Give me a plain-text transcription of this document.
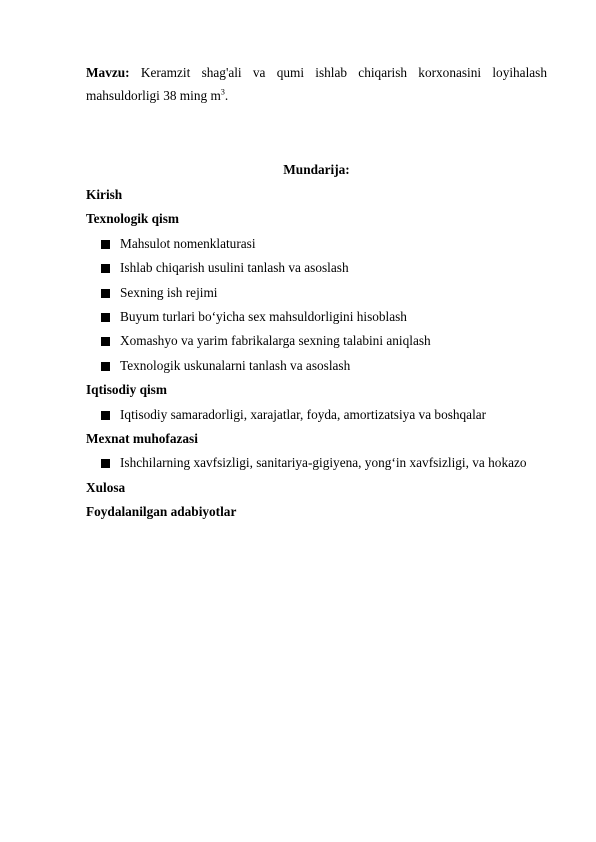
Mavzu: Keramzit shag'ali va qumi ishlab chiqarish korxonasini loyihalash mahsuldorligi 38 ming $m^3$.
Mundarija:
Kirish
Texnologik qism
Mahsulot nomenklaturasi
Ishlab chiqarish usulini tanlash va asoslash
Sexning ish rejimi
Buyum turlari bo‘yicha sex mahsuldorligini hisoblash
Xomashyo va yarim fabrikalarga sexning talabini aniqlash
Texnologik uskunalarni tanlash va asoslash
Iqtisodiy qism
Iqtisodiy samaradorligi, xarajatlar, foyda, amortizatsiya va boshqalar
Mexnat muhofazasi
Ishchilarning xavfsizligi, sanitariya-gigiyena, yong‘in xavfsizligi, va hokazo
Xulosa
Foydalanilgan adabiyotlar
